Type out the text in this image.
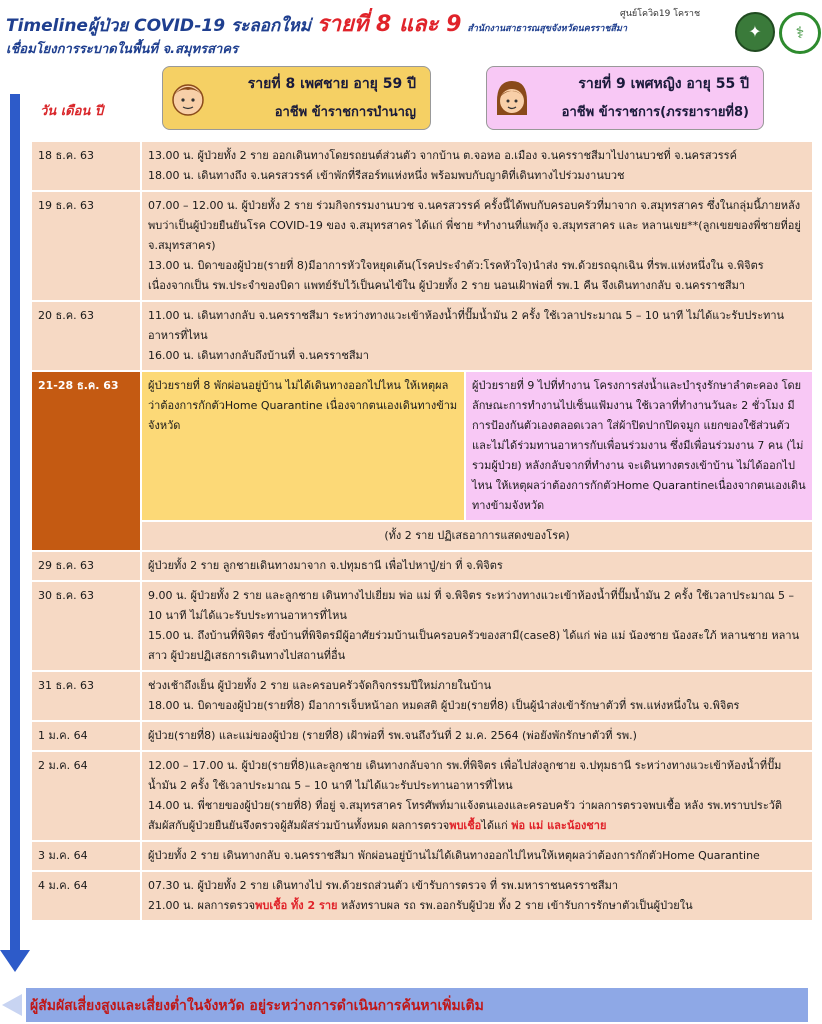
Timelineผู้ป่วย COVID-19 ระลอกใหม่ รายที่ 8 และ 9 สำนักงานสาธารณสุขจังหวัดนครราชสีมา
เชื่อมโยงการระบาดในพื้นที่ จ.สมุทรสาคร
ศูนย์โควิด19 โคราช
✦	⚕
รายที่ 8 เพศชาย อายุ 59 ปี
อาชีพ ข้าราชการบำนาญ
รายที่ 9 เพศหญิง อายุ 55 ปี
อาชีพ ข้าราชการ(ภรรยารายที่8)
วัน เดือน ปี
18 ธ.ค. 63	13.00 น. ผู้ป่วยทั้ง 2 ราย ออกเดินทางโดยรถยนต์ส่วนตัว จากบ้าน ต.จอหอ อ.เมือง จ.นครราชสีมาไปงานบวชที่ จ.นครสวรรค์
18.00 น. เดินทางถึง จ.นครสวรรค์ เข้าพักที่รีสอร์ทแห่งหนึ่ง พร้อมพบกับญาติที่เดินทางไปร่วมงานบวช	

19 ธ.ค. 63	07.00 – 12.00 น. ผู้ป่วยทั้ง 2 ราย ร่วมกิจกรรมงานบวช จ.นครสวรรค์ ครั้งนี้ได้พบกับครอบครัวที่มาจาก จ.สมุทรสาคร ซึ่งในกลุ่มนี้ภายหลังพบว่าเป็นผู้ป่วยยืนยันโรค COVID-19 ของ จ.สมุทรสาคร ได้แก่ พี่ชาย *ทำงานที่แพกุ้ง จ.สมุทรสาคร และ หลานเขย**(ลูกเขยของพี่ชายที่อยู่ จ.สมุทรสาคร)
13.00 น. บิดาของผู้ป่วย(รายที่ 8)มีอาการหัวใจหยุดเต้น(โรคประจำตัว:โรคหัวใจ)นำส่ง รพ.ด้วยรถฉุกเฉิน ที่รพ.แห่งหนึ่งใน จ.พิจิตร เนื่องจากเป็น รพ.ประจำของบิดา แพทย์รับไว้เป็นคนไข้ใน ผู้ป่วยทั้ง 2 ราย นอนเฝ้าพ่อที่ รพ.1 คืน จึงเดินทางกลับ จ.นครราชสีมา	

20 ธ.ค. 63	11.00 น. เดินทางกลับ จ.นครราชสีมา ระหว่างทางแวะเข้าห้องน้ำที่ปั๊มน้ำมัน 2 ครั้ง ใช้เวลาประมาณ 5 – 10 นาที ไม่ได้แวะรับประทานอาหารที่ไหน
16.00 น. เดินทางกลับถึงบ้านที่ จ.นครราชสีมา	

21-28 ธ.ค. 63	ผู้ป่วยรายที่ 8 พักผ่อนอยู่บ้าน ไม่ได้เดินทางออกไปไหน ให้เหตุผลว่าต้องการกักตัวHome Quarantine เนื่องจากตนเองเดินทางข้ามจังหวัด	ผู้ป่วยรายที่ 9 ไปที่ทำงาน โครงการส่งน้ำและบำรุงรักษาลำตะคอง โดยลักษณะการทำงานไปเซ็นแฟ้มงาน ใช้เวลาที่ทำงานวันละ 2 ชั่วโมง มีการป้องกันตัวเองตลอดเวลา ใส่ผ้าปิดปากปิดจมูก แยกของใช้ส่วนตัว และไม่ได้ร่วมทานอาหารกับเพื่อนร่วมงาน ซึ่งมีเพื่อนร่วมงาน 7 คน (ไม่รวมผู้ป่วย) หลังกลับจากที่ทำงาน จะเดินทางตรงเข้าบ้าน ไม่ได้ออกไปไหน ให้เหตุผลว่าต้องการกักตัวHome Quarantineเนื่องจากตนเองเดินทางข้ามจังหวัด
	(ทั้ง 2 ราย ปฏิเสธอาการแสดงของโรค)	
29 ธ.ค. 63	ผู้ป่วยทั้ง 2 ราย ลูกชายเดินทางมาจาก จ.ปทุมธานี เพื่อไปหาปู่/ย่า ที่ จ.พิจิตร	

30 ธ.ค. 63	9.00 น. ผู้ป่วยทั้ง 2 ราย และลูกชาย เดินทางไปเยี่ยม พ่อ แม่ ที่ จ.พิจิตร ระหว่างทางแวะเข้าห้องน้ำที่ปั๊มน้ำมัน 2 ครั้ง ใช้เวลาประมาณ 5 – 10 นาที ไม่ได้แวะรับประทานอาหารที่ไหน
15.00 น. ถึงบ้านที่พิจิตร ซึ่งบ้านที่พิจิตรมีผู้อาศัยร่วมบ้านเป็นครอบครัวของสามี(case8) ได้แก่ พ่อ แม่ น้องชาย น้องสะใภ้ หลานชาย หลานสาว ผู้ป่วยปฏิเสธการเดินทางไปสถานที่อื่น	

31 ธ.ค. 63	ช่วงเช้าถึงเย็น ผู้ป่วยทั้ง 2 ราย และครอบครัวจัดกิจกรรมปีใหม่ภายในบ้าน
18.00 น. บิดาของผู้ป่วย(รายที่8) มีอาการเจ็บหน้าอก หมดสติ ผู้ป่วย(รายที่8) เป็นผู้นำส่งเข้ารักษาตัวที่ รพ.แห่งหนึ่งใน จ.พิจิตร	

1 ม.ค. 64	ผู้ป่วย(รายที่8) และแม่ของผู้ป่วย (รายที่8) เฝ้าพ่อที่ รพ.จนถึงวันที่ 2 ม.ค. 2564 (พ่อยังพักรักษาตัวที่ รพ.)	

2 ม.ค. 64	12.00 – 17.00 น. ผู้ป่วย(รายที่8)และลูกชาย เดินทางกลับจาก รพ.ที่พิจิตร เพื่อไปส่งลูกชาย จ.ปทุมธานี ระหว่างทางแวะเข้าห้องน้ำที่ปั๊มน้ำมัน 2 ครั้ง ใช้เวลาประมาณ 5 – 10 นาที ไม่ได้แวะรับประทานอาหารที่ไหน
14.00 น. พี่ชายของผู้ป่วย(รายที่8) ที่อยู่ จ.สมุทรสาคร โทรศัพท์มาแจ้งตนเองและครอบครัว ว่าผลการตรวจพบเชื้อ หลัง รพ.ทราบประวัติสัมผัสกับผู้ป่วยยืนยันจึงตรวจผู้สัมผัสร่วมบ้านทั้งหมด ผลการตรวจพบเชื้อได้แก่ พ่อ แม่ และน้องชาย	

3 ม.ค. 64	ผู้ป่วยทั้ง 2 ราย เดินทางกลับ จ.นครราชสีมา พักผ่อนอยู่บ้านไม่ได้เดินทางออกไปไหนให้เหตุผลว่าต้องการกักตัวHome Quarantine	

4 ม.ค. 64	07.30 น. ผู้ป่วยทั้ง 2 ราย เดินทางไป รพ.ด้วยรถส่วนตัว เข้ารับการตรวจ ที่ รพ.มหาราชนครราชสีมา
21.00 น. ผลการตรวจพบเชื้อ ทั้ง 2 ราย หลังทราบผล รถ รพ.ออกรับผู้ป่วย ทั้ง 2 ราย เข้ารับการรักษาตัวเป็นผู้ป่วยใน	
ผู้สัมผัสเสี่ยงสูงและเสี่ยงต่ำในจังหวัด อยู่ระหว่างการดำเนินการค้นหาเพิ่มเติม
